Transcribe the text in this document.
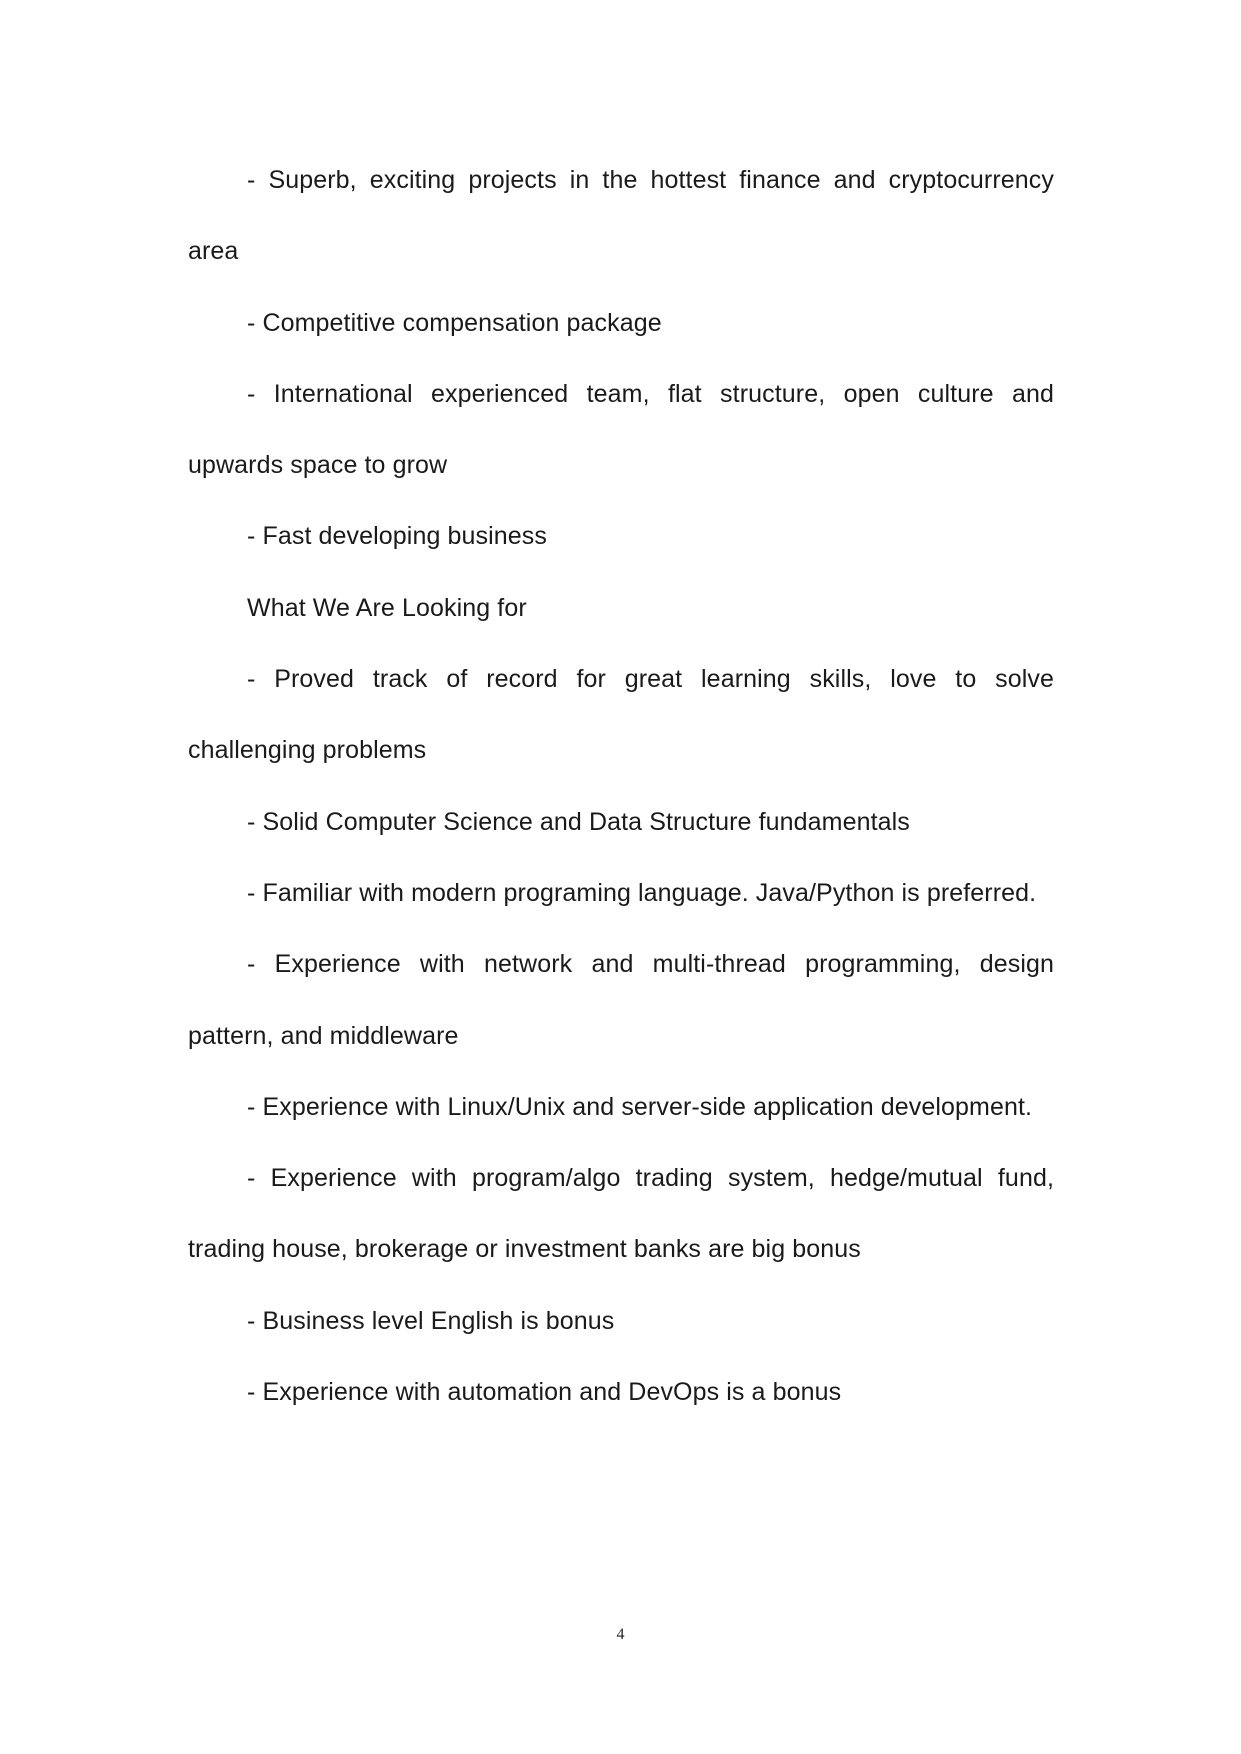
- Superb, exciting projects in the hottest finance and cryptocurrency area

- Competitive compensation package

- International experienced team, flat structure, open culture and upwards space to grow

- Fast developing business

What We Are Looking for

- Proved track of record for great learning skills, love to solve challenging problems

- Solid Computer Science and Data Structure fundamentals

- Familiar with modern programing language. Java/Python is preferred.

- Experience with network and multi-thread programming, design pattern, and middleware

- Experience with Linux/Unix and server-side application development.

- Experience with program/algo trading system, hedge/mutual fund, trading house, brokerage or investment banks are big bonus

- Business level English is bonus

- Experience with automation and DevOps is a bonus

4
